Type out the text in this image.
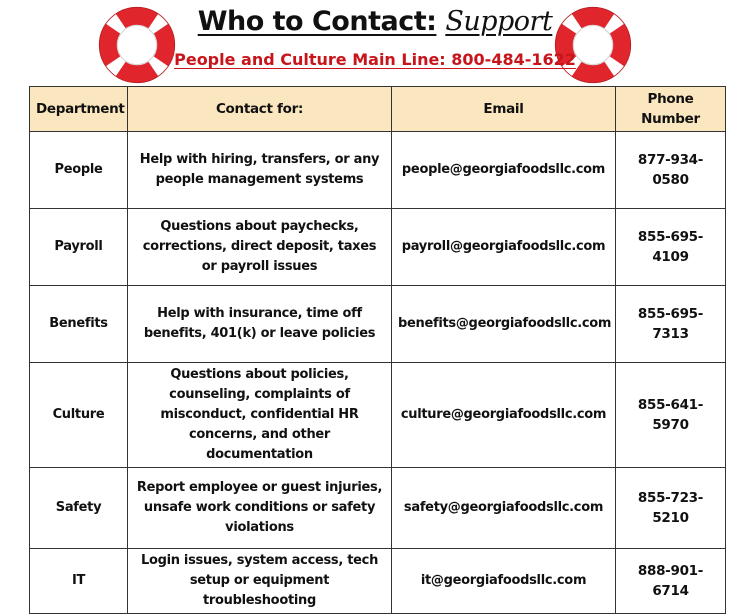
Who to Contact: Support
People and Culture Main Line: 800-484-1622
Department	Contact for:	Email	Phone Number
People	Help with hiring, transfers, or any people management systems	people@georgiafoodsllc.com	877-934-0580
Payroll	Questions about paychecks, corrections, direct deposit, taxes or payroll issues	payroll@georgiafoodsllc.com	855-695-4109
Benefits	Help with insurance, time off benefits, 401(k) or leave policies	benefits@georgiafoodsllc.com	855-695-7313
Culture	Questions about policies, counseling, complaints of misconduct, confidential HR concerns, and other documentation	culture@georgiafoodsllc.com	855-641-5970
Safety	Report employee or guest injuries, unsafe work conditions or safety violations	safety@georgiafoodsllc.com	855-723-5210
IT	Login issues, system access, tech setup or equipment troubleshooting	it@georgiafoodsllc.com	888-901-6714
